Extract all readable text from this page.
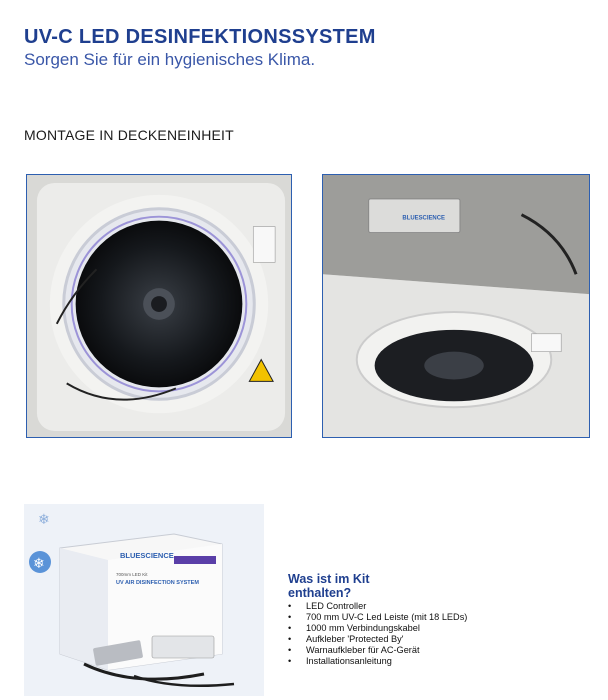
UV-C LED DESINFEKTIONSSYSTEM
Sorgen Sie für ein hygienisches Klima.
MONTAGE IN DECKENEINHEIT
BLUESCIENCE
❄
❄
BLUESCIENCE
700mm LED Kit
UV AIR DISINFECTION SYSTEM	Was ist im Kit
enthalten?
• LED Controller
• 700 mm UV-C Led Leiste (mit 18 LEDs)
• 1000 mm Verbindungskabel
• Aufkleber 'Protected By'
• Warnaufkleber für AC-Gerät
• Installationsanleitung
